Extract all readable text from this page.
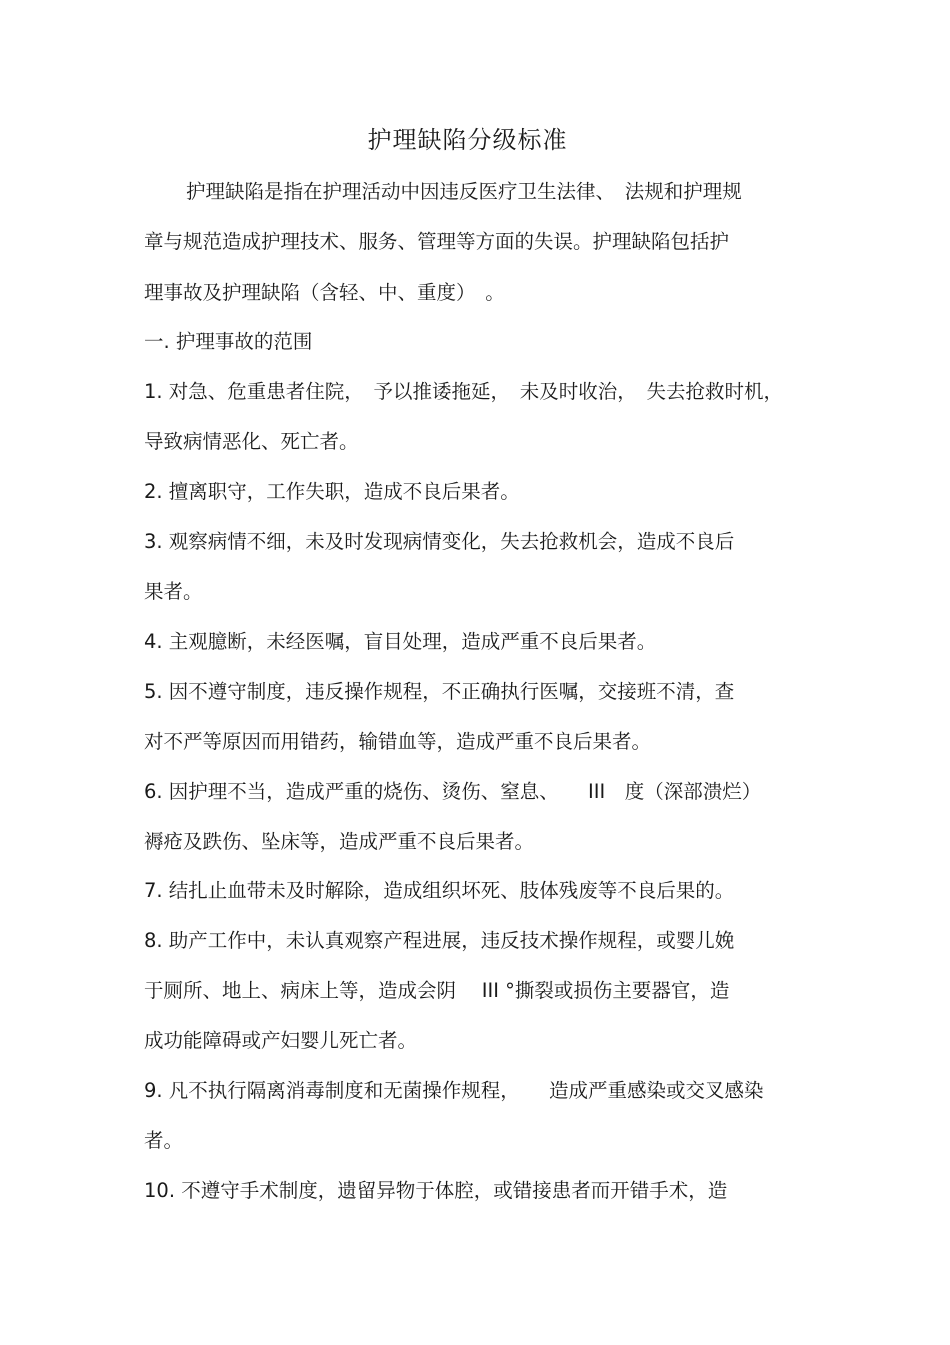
护理缺陷分级标准
护理缺陷是指在护理活动中因违反医疗卫生法律、　法规和护理规
章与规范造成护理技术、服务、管理等方面的失误。护理缺陷包括护
理事故及护理缺陷（含轻、中、重度）　。
一. 护理事故的范围
1. 对急、危重患者住院，　予以推诿拖延，　未及时收治，　失去抢救时机，
导致病情恶化、死亡者。
2. 擅离职守，工作失职，造成不良后果者。
3. 观察病情不细，未及时发现病情变化，失去抢救机会，造成不良后
果者。
4. 主观臆断，未经医嘱，盲目处理，造成严重不良后果者。
5. 因不遵守制度，违反操作规程，不正确执行医嘱，交接班不清，查
对不严等原因而用错药，输错血等，造成严重不良后果者。
6. 因护理不当，造成严重的烧伤、烫伤、窒息、　　III　度（深部溃烂）
褥疮及跌伤、坠床等，造成严重不良后果者。
7. 结扎止血带未及时解除，造成组织坏死、肢体残废等不良后果的。
8. 助产工作中，未认真观察产程进展，违反技术操作规程，或婴儿娩
于厕所、地上、病床上等，造成会阴　 III °撕裂或损伤主要器官，造
成功能障碍或产妇婴儿死亡者。
9. 凡不执行隔离消毒制度和无菌操作规程，　　造成严重感染或交叉感染
者。
10. 不遵守手术制度，遗留异物于体腔，或错接患者而开错手术，造
